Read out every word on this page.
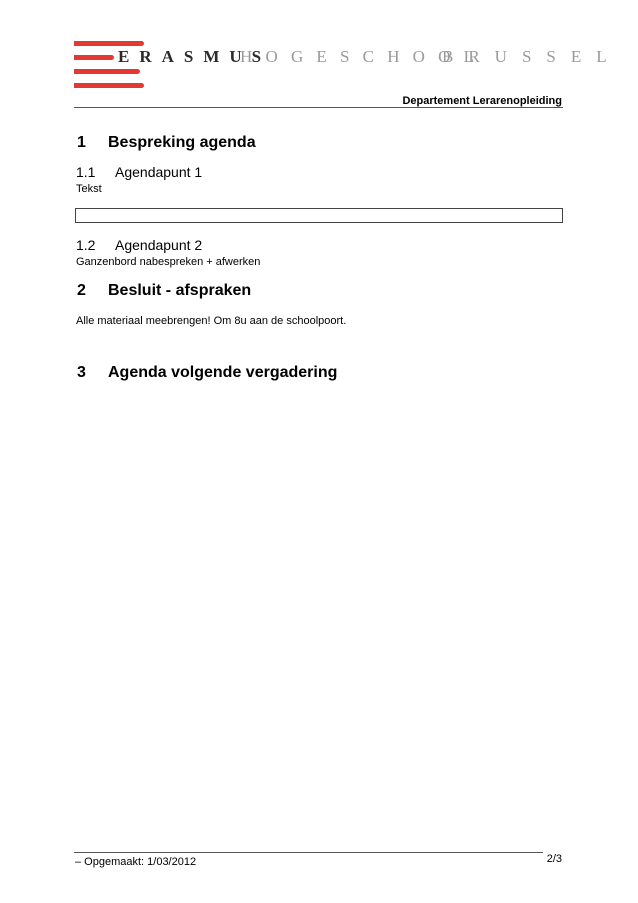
ERASMUS
HOGESCHOOL
BRUSSEL
Departement Lerarenopleiding
1 Bespreking agenda
1.1 Agendapunt 1
Tekst
1.2 Agendapunt 2
Ganzenbord nabespreken + afwerken
2 Besluit - afspraken
Alle materiaal meebrengen! Om 8u aan de schoolpoort.
3 Agenda volgende vergadering
– Opgemaakt: 1/03/2012	2/3
